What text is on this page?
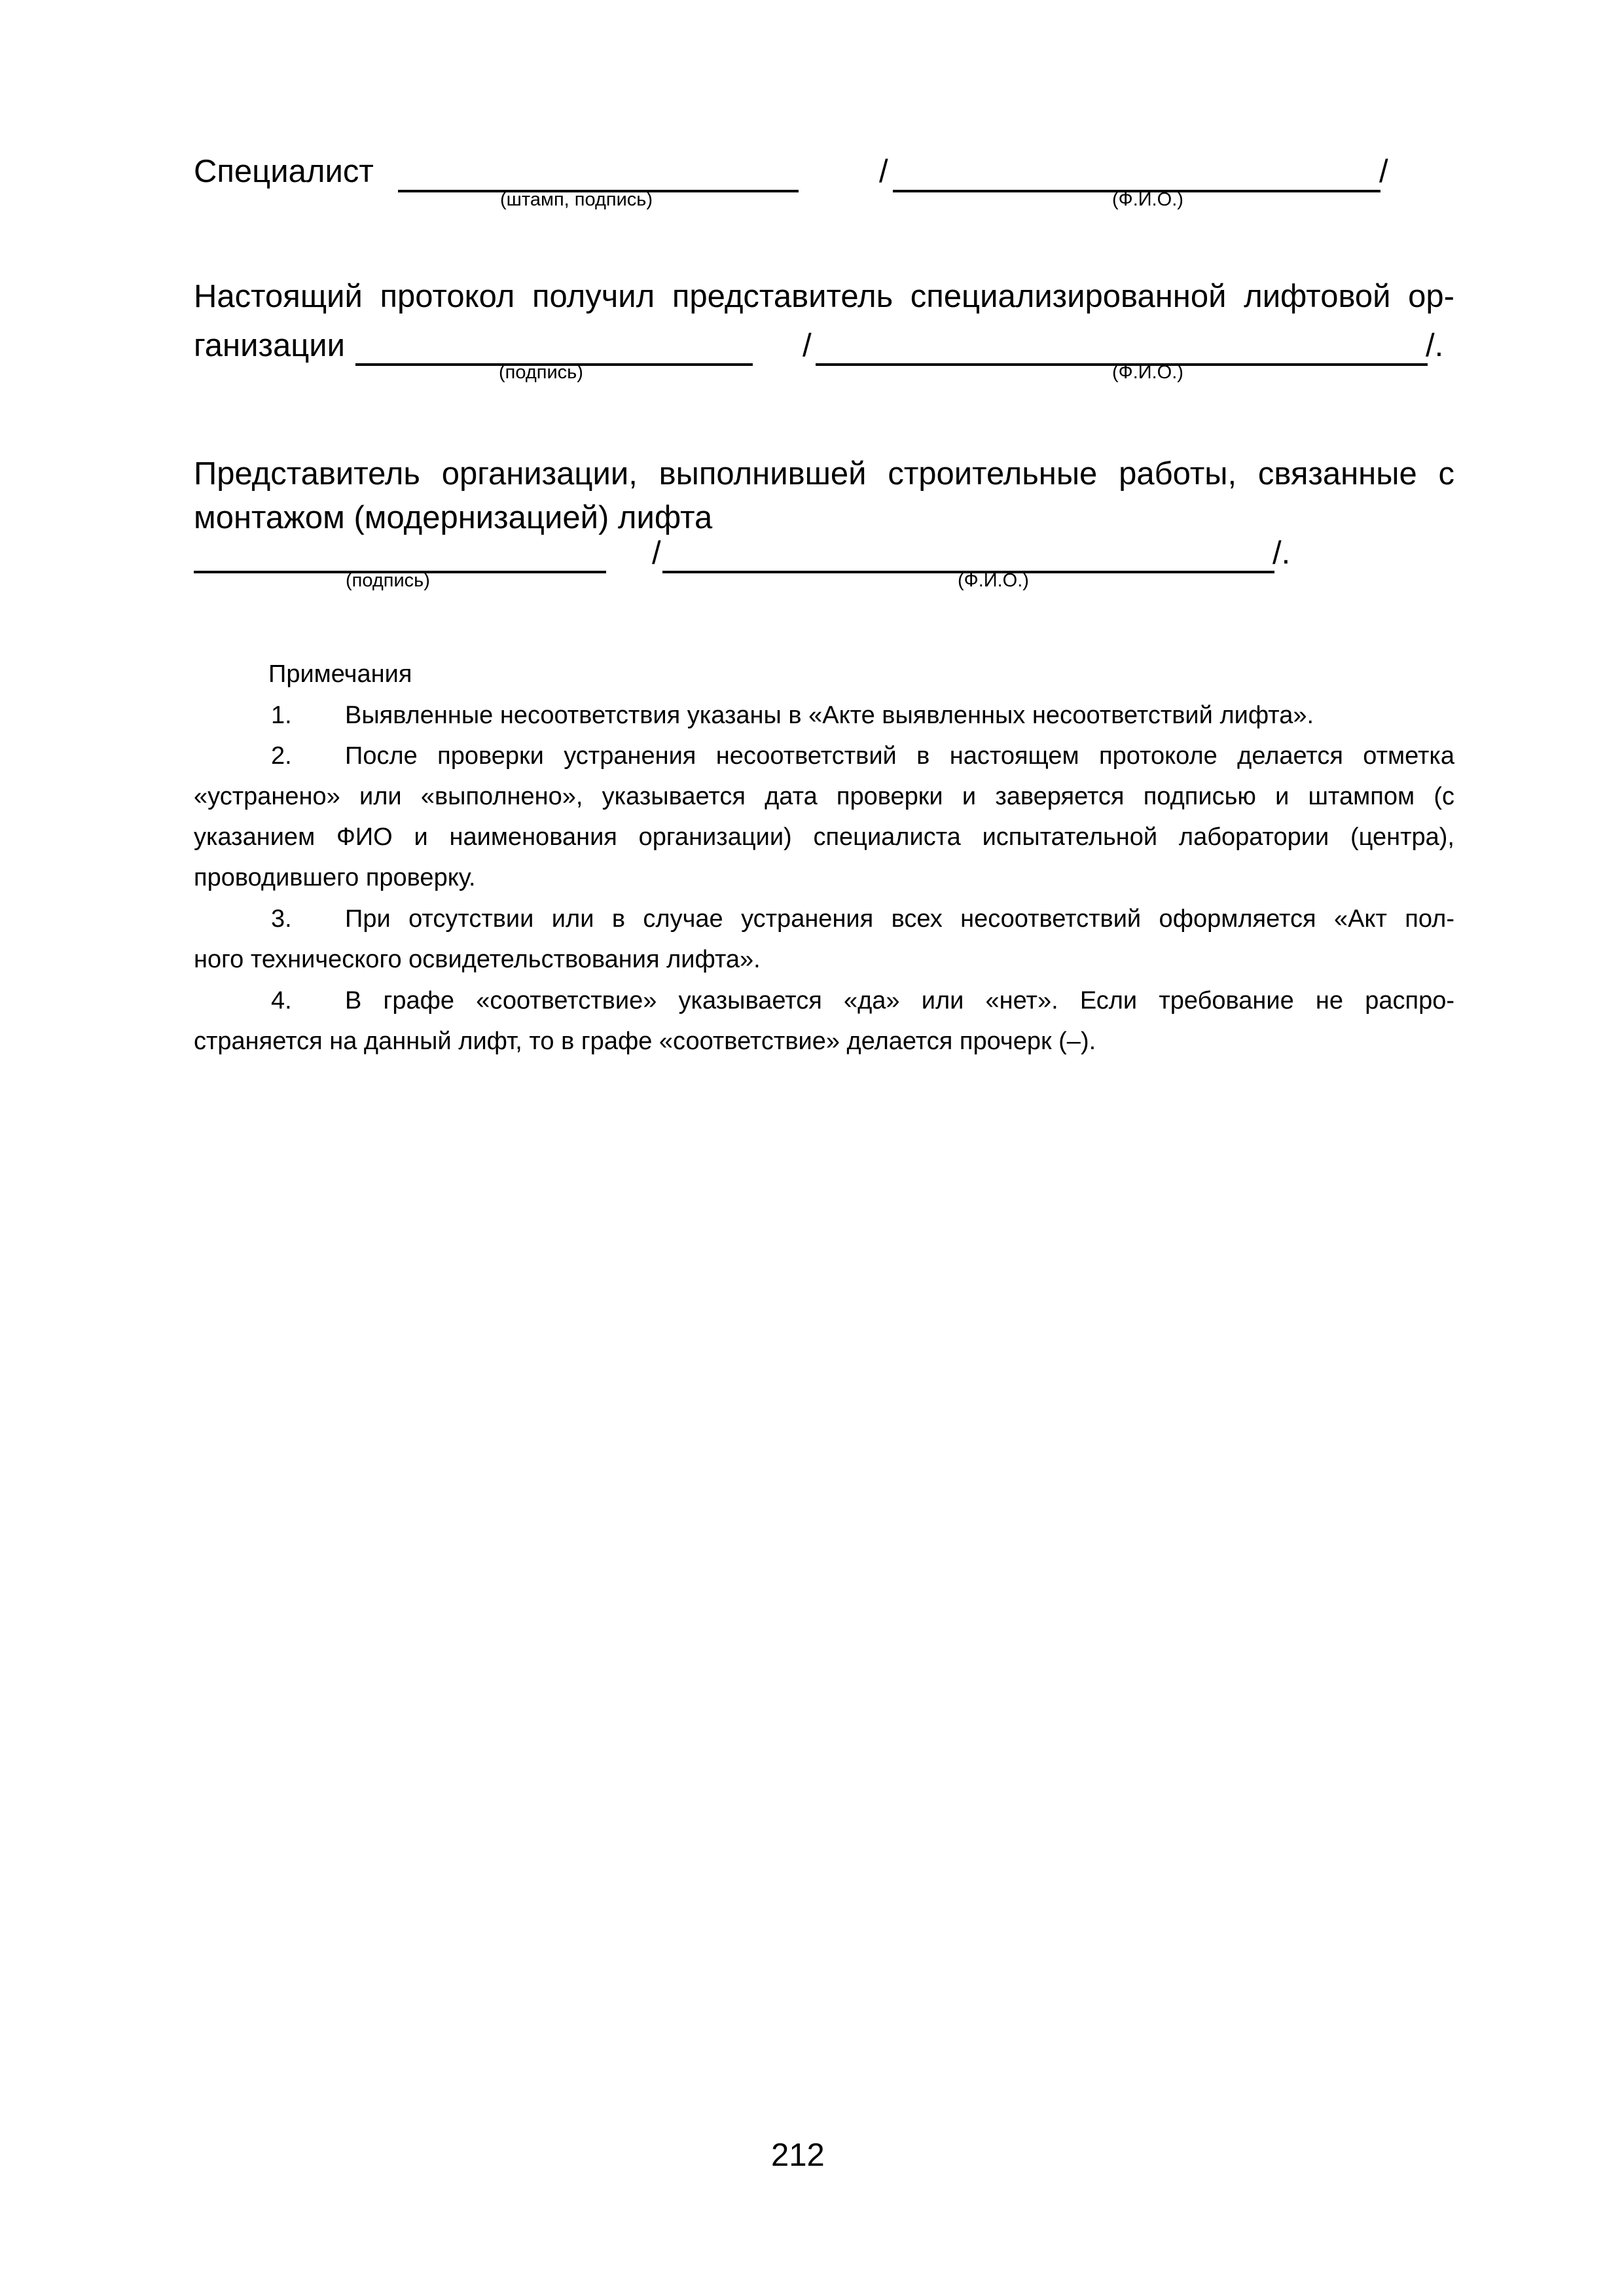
Специалист
(штамп, подпись)
/
(Ф.И.О.)
/
Настоящий протокол получил представитель специализированной лифтовой ор-
ганизации
(подпись)
/
(Ф.И.О.)
/.
Представитель организации, выполнившей строительные работы, связанные с
монтажом (модернизацией) лифта
(подпись)
/
(Ф.И.О.)
/.
Примечания
1. Выявленные несоответствия указаны в «Акте выявленных несоответствий лифта».
2. После проверки устранения несоответствий в настоящем протоколе делается отметка
«устранено» или «выполнено», указывается дата проверки и заверяется подписью и штампом (с
указанием ФИО и наименования организации) специалиста испытательной лаборатории (центра),
проводившего проверку.
3. При отсутствии или в случае устранения всех несоответствий оформляется «Акт пол-
ного технического освидетельствования лифта».
4. В графе «соответствие» указывается «да» или «нет». Если требование не распро-
страняется на данный лифт, то в графе «соответствие» делается прочерк (–).
212
